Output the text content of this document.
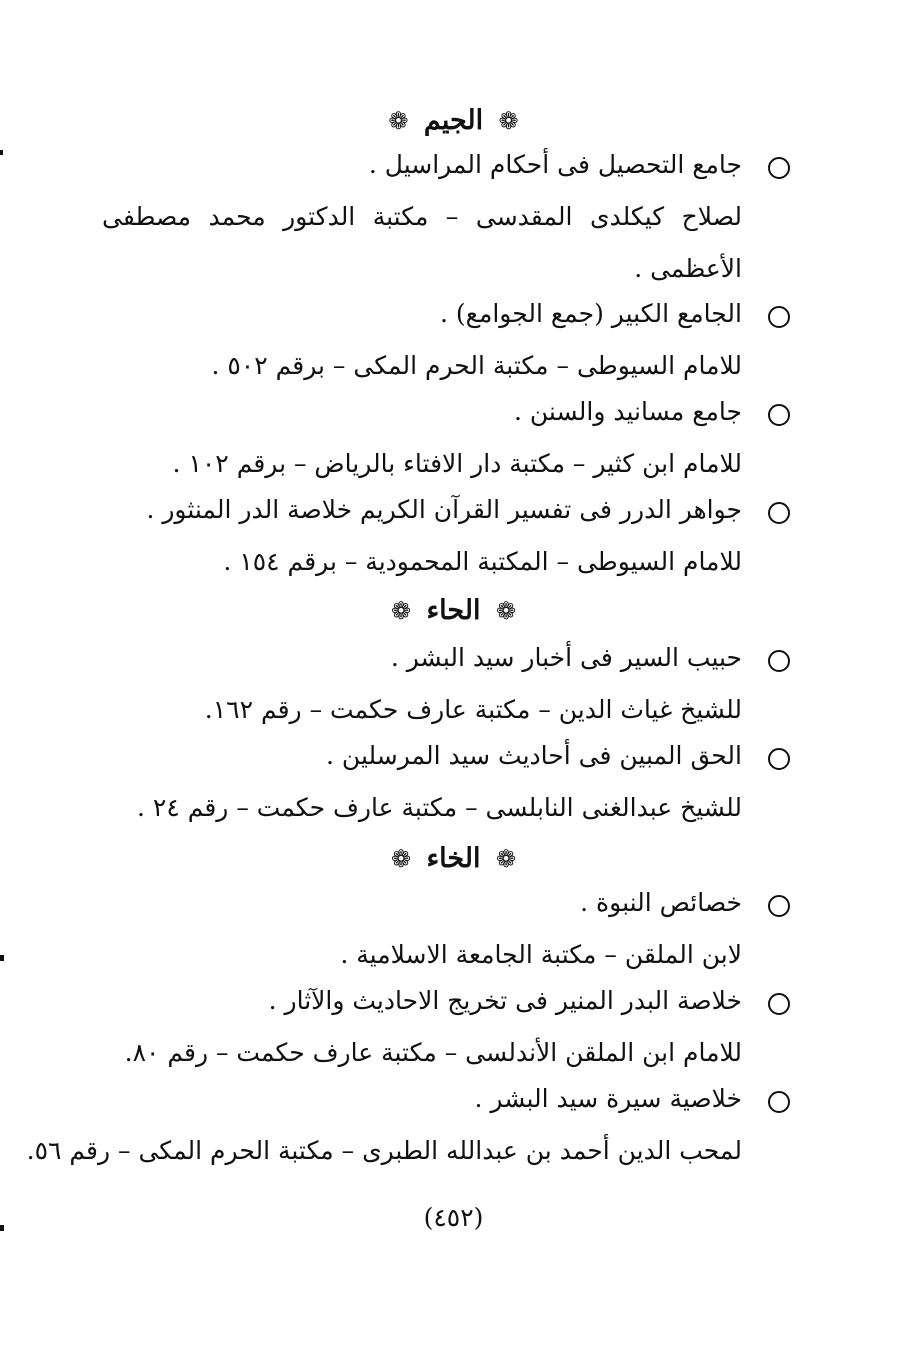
❁ الجيم ❁
جامع التحصيل فى أحكام المراسيل .
لصلاح كيكلدى المقدسى – مكتبة الدكتور محمد مصطفى
الأعظمى .
الجامع الكبير (جمع الجوامع) .
للامام السيوطى – مكتبة الحرم المكى – برقم ٥٠٢ .
جامع مسانيد والسنن .
للامام ابن كثير – مكتبة دار الافتاء بالرياض – برقم ١٠٢ .
جواهر الدرر فى تفسير القرآن الكريم خلاصة الدر المنثور .
للامام السيوطى – المكتبة المحمودية – برقم ١٥٤ .
❁ الحاء ❁
حبيب السير فى أخبار سيد البشر .
للشيخ غياث الدين – مكتبة عارف حكمت – رقم ١٦٢.
الحق المبين فى أحاديث سيد المرسلين .
للشيخ عبدالغنى النابلسى – مكتبة عارف حكمت – رقم ٢٤ .
❁ الخاء ❁
خصائص النبوة .
لابن الملقن – مكتبة الجامعة الاسلامية .
خلاصة البدر المنير فى تخريج الاحاديث والآثار .
للامام ابن الملقن الأندلسى – مكتبة عارف حكمت – رقم ٨٠.
خلاصية سيرة سيد البشر .
لمحب الدين أحمد بن عبدالله الطبرى – مكتبة الحرم المكى – رقم ٥٦.
(٤٥٢)
